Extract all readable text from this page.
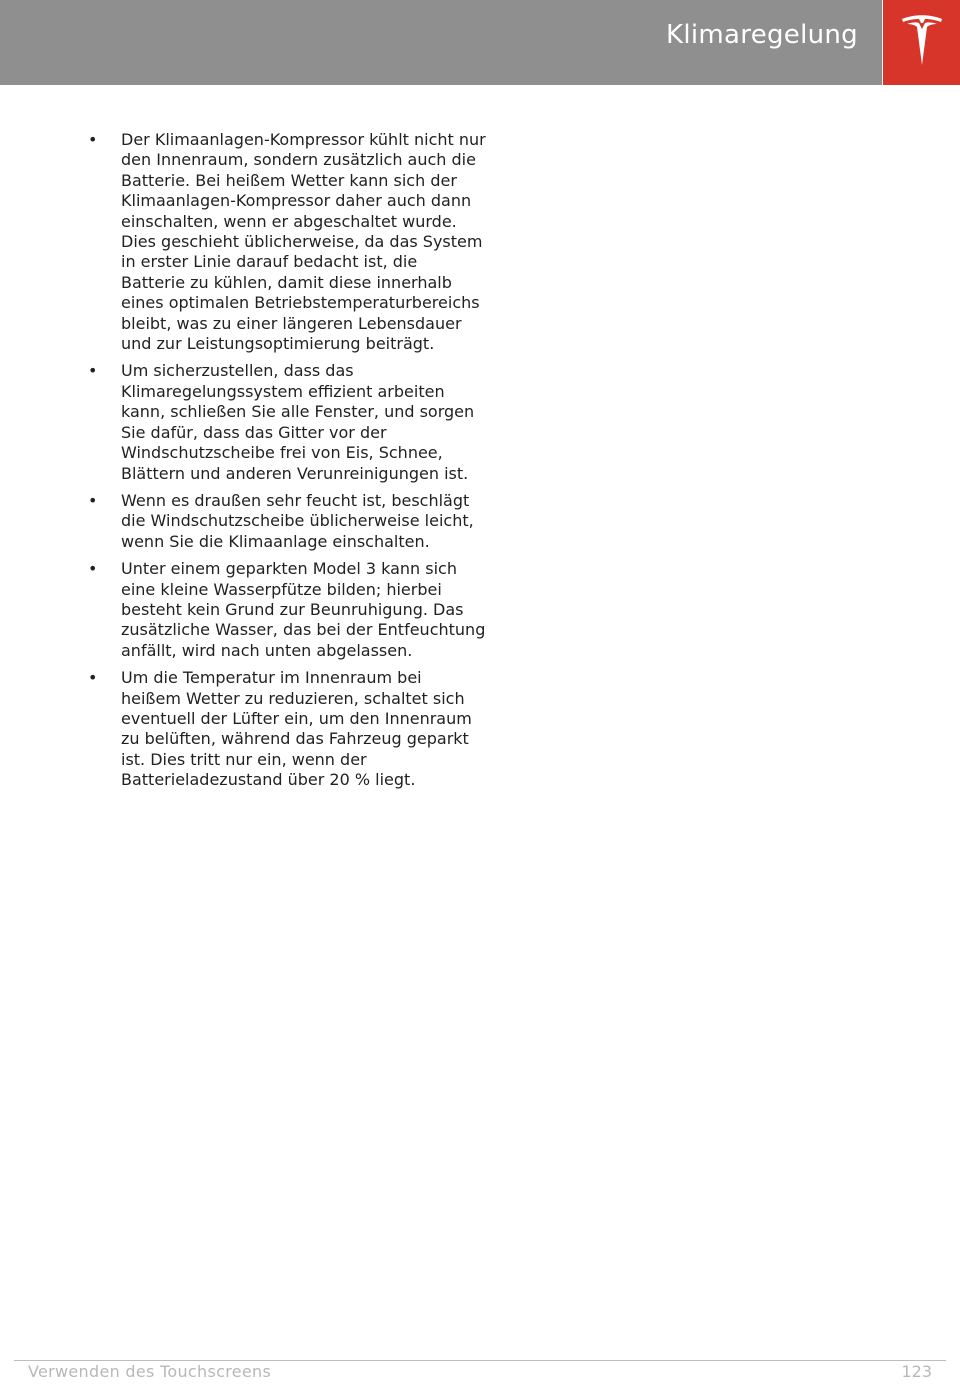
Klimaregelung
• Der Klimaanlagen-Kompressor kühlt nicht nur den Innenraum, sondern zusätzlich auch die Batterie. Bei heißem Wetter kann sich der Klimaanlagen-Kompressor daher auch dann einschalten, wenn er abgeschaltet wurde. Dies geschieht üblicherweise, da das System in erster Linie darauf bedacht ist, die Batterie zu kühlen, damit diese innerhalb eines optimalen Betriebstemperaturbereichs bleibt, was zu einer längeren Lebensdauer und zur Leistungsoptimierung beiträgt.
• Um sicherzustellen, dass das Klimaregelungssystem effizient arbeiten kann, schließen Sie alle Fenster, und sorgen Sie dafür, dass das Gitter vor der Windschutzscheibe frei von Eis, Schnee, Blättern und anderen Verunreinigungen ist.
• Wenn es draußen sehr feucht ist, beschlägt die Windschutzscheibe üblicherweise leicht, wenn Sie die Klimaanlage einschalten.
• Unter einem geparkten Model 3 kann sich eine kleine Wasserpfütze bilden; hierbei besteht kein Grund zur Beunruhigung. Das zusätzliche Wasser, das bei der Entfeuchtung anfällt, wird nach unten abgelassen.
• Um die Temperatur im Innenraum bei heißem Wetter zu reduzieren, schaltet sich eventuell der Lüfter ein, um den Innenraum zu belüften, während das Fahrzeug geparkt ist. Dies tritt nur ein, wenn der Batterieladezustand über 20 % liegt.
Verwenden des Touchscreens	123
